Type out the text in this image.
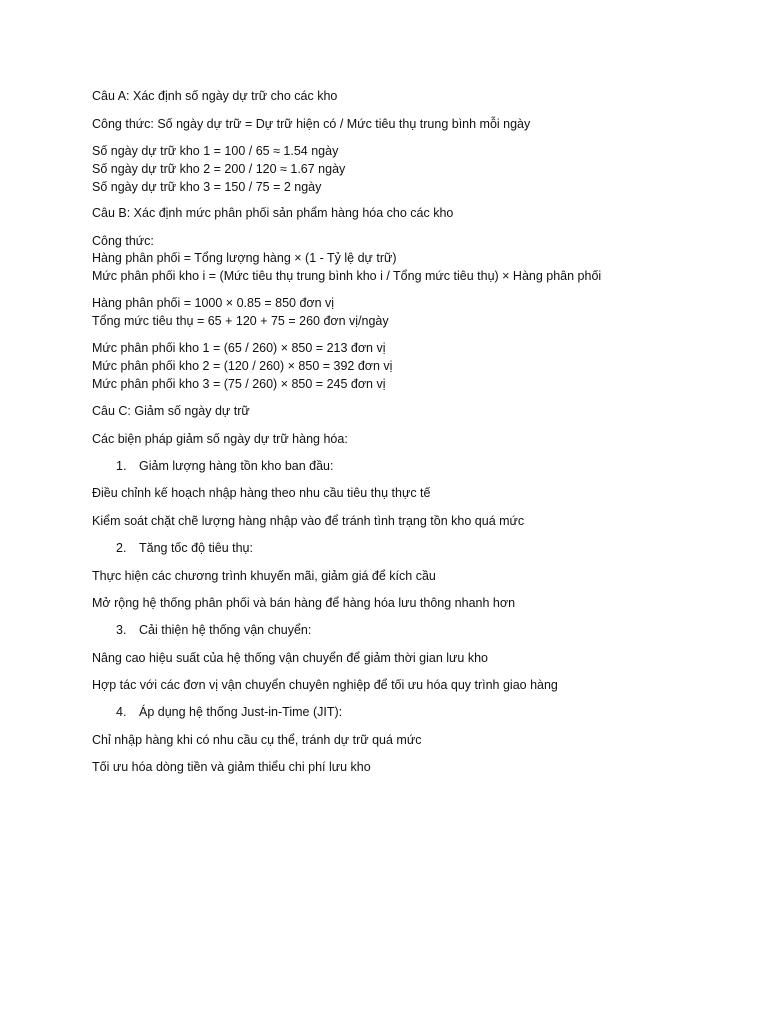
Câu A: Xác định số ngày dự trữ cho các kho
Công thức: Số ngày dự trữ = Dự trữ hiện có / Mức tiêu thụ trung bình mỗi ngày
Số ngày dự trữ kho 1 = 100 / 65 ≈ 1.54 ngày
Số ngày dự trữ kho 2 = 200 / 120 ≈ 1.67 ngày
Số ngày dự trữ kho 3 = 150 / 75 = 2 ngày
Câu B: Xác định mức phân phối sản phẩm hàng hóa cho các kho
Công thức:
Hàng phân phối = Tổng lượng hàng × (1 - Tỷ lệ dự trữ)
Mức phân phối kho i = (Mức tiêu thụ trung bình kho i / Tổng mức tiêu thụ) × Hàng phân phối
Hàng phân phối = 1000 × 0.85 = 850 đơn vị
Tổng mức tiêu thụ = 65 + 120 + 75 = 260 đơn vị/ngày
Mức phân phối kho 1 = (65 / 260) × 850 = 213 đơn vị
Mức phân phối kho 2 = (120 / 260) × 850 = 392 đơn vị
Mức phân phối kho 3 = (75 / 260) × 850 = 245 đơn vị
Câu C: Giảm số ngày dự trữ
Các biện pháp giảm số ngày dự trữ hàng hóa:
1. Giảm lượng hàng tồn kho ban đầu:
Điều chỉnh kế hoạch nhập hàng theo nhu cầu tiêu thụ thực tế
Kiểm soát chặt chẽ lượng hàng nhập vào để tránh tình trạng tồn kho quá mức
2. Tăng tốc độ tiêu thụ:
Thực hiện các chương trình khuyến mãi, giảm giá để kích cầu
Mở rộng hệ thống phân phối và bán hàng để hàng hóa lưu thông nhanh hơn
3. Cải thiện hệ thống vận chuyển:
Nâng cao hiệu suất của hệ thống vận chuyển để giảm thời gian lưu kho
Hợp tác với các đơn vị vận chuyển chuyên nghiệp để tối ưu hóa quy trình giao hàng
4. Áp dụng hệ thống Just-in-Time (JIT):
Chỉ nhập hàng khi có nhu cầu cụ thể, tránh dự trữ quá mức
Tối ưu hóa dòng tiền và giảm thiểu chi phí lưu kho
